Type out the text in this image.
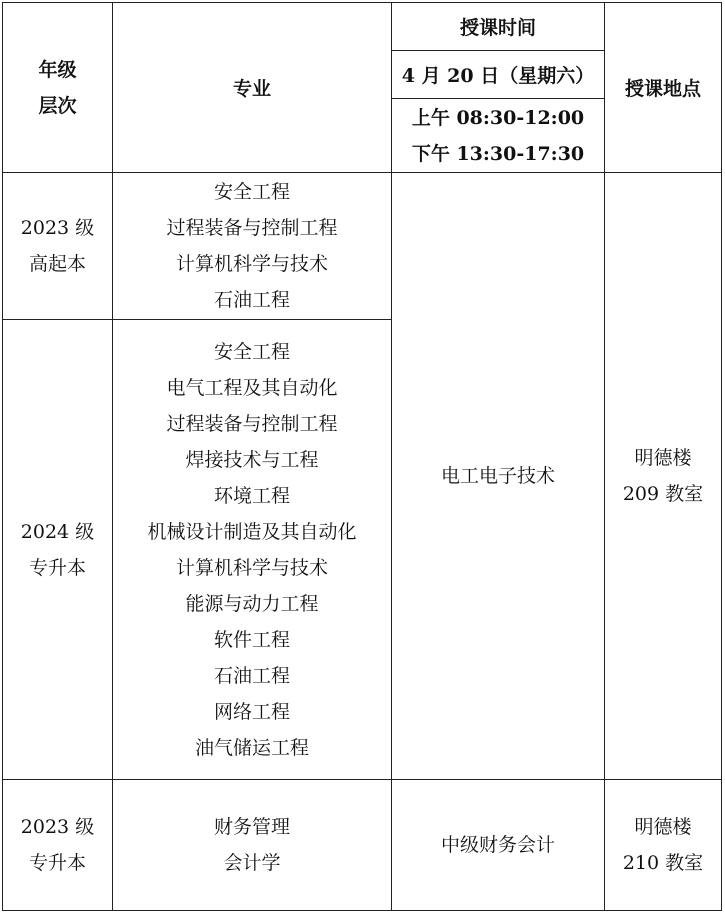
年级
层次
专业
授课时间
4 月 20 日（星期六）
上午 08:30-12:00
下午 13:30-17:30
授课地点
2023 级
高起本
安全工程
过程装备与控制工程
计算机科学与技术
石油工程
2024 级
专升本
安全工程
电气工程及其自动化
过程装备与控制工程
焊接技术与工程
环境工程
机械设计制造及其自动化
计算机科学与技术
能源与动力工程
软件工程
石油工程
网络工程
油气储运工程
电工电子技术
明德楼
209 教室
2023 级
专升本
财务管理
会计学
中级财务会计
明德楼
210 教室
